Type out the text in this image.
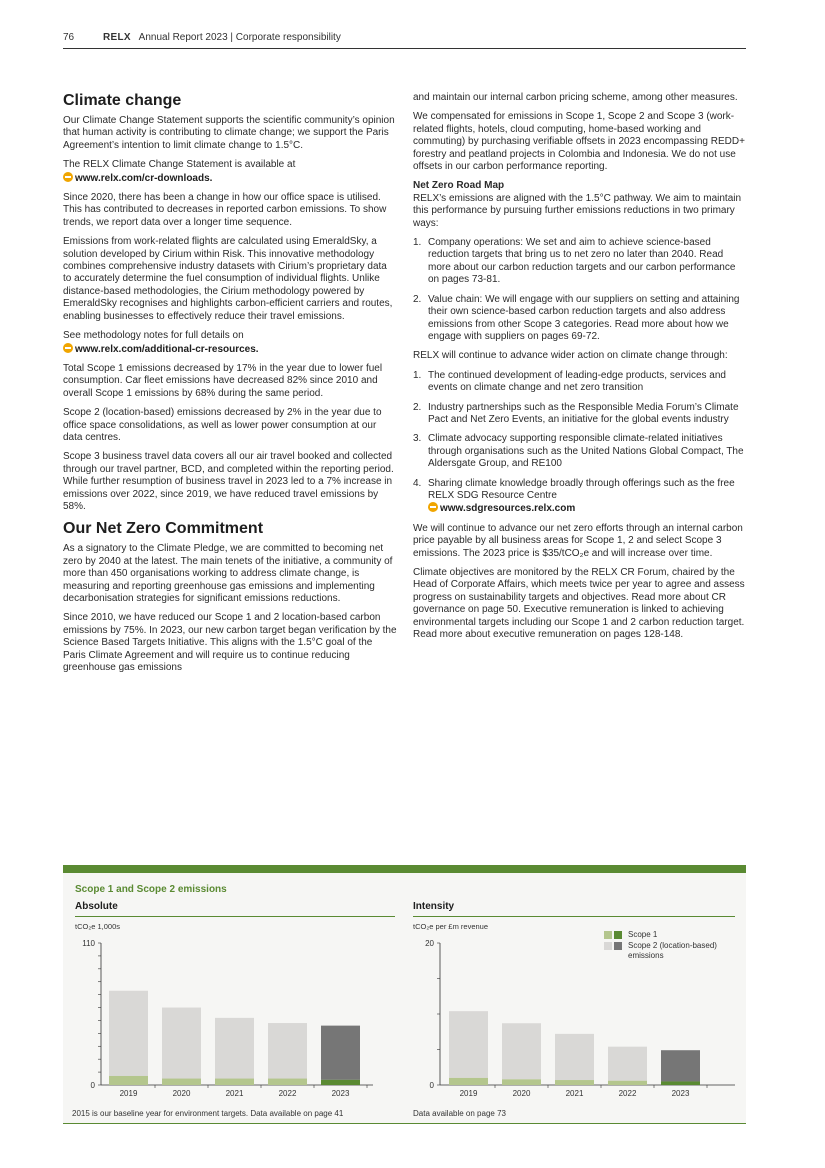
76	RELX Annual Report 2023 | Corporate responsibility
Climate change

Our Climate Change Statement supports the scientific community’s opinion that human activity is contributing to climate change; we support the Paris Agreement’s intention to limit climate change to 1.5°C.

The RELX Climate Change Statement is available at
www.relx.com/cr-downloads.

Since 2020, there has been a change in how our office space is utilised. This has contributed to decreases in reported carbon emissions. To show trends, we report data over a longer time sequence.

Emissions from work-related flights are calculated using EmeraldSky, a solution developed by Cirium within Risk. This innovative methodology combines comprehensive industry datasets with Cirium’s proprietary data to accurately determine the fuel consumption of individual flights. Unlike distance-based methodologies, the Cirium methodology powered by EmeraldSky recognises and highlights carbon-efficient carriers and routes, enabling businesses to effectively reduce their travel emissions.

See methodology notes for full details on
www.relx.com/additional-cr-resources.

Total Scope 1 emissions decreased by 17% in the year due to lower fuel consumption. Car fleet emissions have decreased 82% since 2010 and overall Scope 1 emissions by 68% during the same period.

Scope 2 (location-based) emissions decreased by 2% in the year due to office space consolidations, as well as lower power consumption at our data centres.

Scope 3 business travel data covers all our air travel booked and collected through our travel partner, BCD, and completed within the reporting period. While further resumption of business travel in 2023 led to a 7% increase in emissions over 2022, since 2019, we have reduced travel emissions by 58%.

Our Net Zero Commitment

As a signatory to the Climate Pledge, we are committed to becoming net zero by 2040 at the latest. The main tenets of the initiative, a community of more than 450 organisations working to address climate change, is measuring and reporting greenhouse gas emissions and implementing decarbonisation strategies for significant emissions reductions.

Since 2010, we have reduced our Scope 1 and 2 location-based carbon emissions by 75%. In 2023, our new carbon target began verification by the Science Based Targets Initiative. This aligns with the 1.5°C goal of the Paris Climate Agreement and will require us to continue reducing greenhouse gas emissions

and maintain our internal carbon pricing scheme, among other measures.

We compensated for emissions in Scope 1, Scope 2 and Scope 3 (work-related flights, hotels, cloud computing, home-based working and commuting) by purchasing verifiable offsets in 2023 encompassing REDD+ forestry and peatland projects in Colombia and Indonesia. We do not use offsets in our carbon performance reporting.

Net Zero Road Map

RELX’s emissions are aligned with the 1.5°C pathway. We aim to maintain this performance by pursuing further emissions reductions in two primary ways:

1. Company operations: We set and aim to achieve science-based reduction targets that bring us to net zero no later than 2040. Read more about our carbon reduction targets and our carbon performance on pages 73-81.
2. Value chain: We will engage with our suppliers on setting and attaining their own science-based carbon reduction targets and also address emissions from other Scope 3 categories. Read more about how we engage with suppliers on pages 69-72.

RELX will continue to advance wider action on climate change through:

1. The continued development of leading-edge products, services and events on climate change and net zero transition
2. Industry partnerships such as the Responsible Media Forum’s Climate Pact and Net Zero Events, an initiative for the global events industry
3. Climate advocacy supporting responsible climate-related initiatives through organisations such as the United Nations Global Compact, The Aldersgate Group, and RE100
4. Sharing climate knowledge broadly through offerings such as the free RELX SDG Resource Centre
www.sdgresources.relx.com

We will continue to advance our net zero efforts through an internal carbon price payable by all business areas for Scope 1, 2 and select Scope 3 emissions. The 2023 price is $35/tCO₂e and will increase over time.

Climate objectives are monitored by the RELX CR Forum, chaired by the Head of Corporate Affairs, which meets twice per year to agree and assess progress on sustainability targets and objectives. Read more about CR governance on page 50. Executive remuneration is linked to achieving environmental targets including our Scope 1 and 2 carbon reduction target. Read more about executive remuneration on pages 128-148.

Scope 1 and Scope 2 emissions
Absolute
tCO₂e 1,000s
Intensity
tCO₂e per £m revenue
0
110
2019	2020	2021	2022	2023
0
20
2019	2020	2021	2022	2023
Scope 1
Scope 2 (location-based) emissions
2015 is our baseline year for environment targets. Data available on page 41	Data available on page 73
